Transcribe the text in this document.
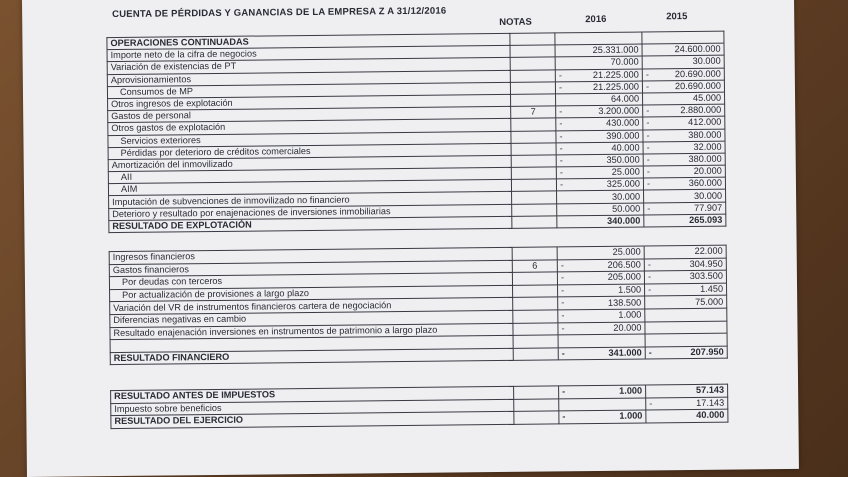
CUENTA DE PÉRDIDAS Y GANANCIAS DE LA EMPRESA Z A 31/12/2016
NOTAS	2016	2015
OPERACIONES CONTINUADAS		

Importe neto de la cifra de negocios		25.331.000	24.600.000
Variación de existencias de PT		70.000	30.000
Aprovisionamientos		- 21.225.000	- 20.690.000
Consumos de MP		- 21.225.000	- 20.690.000
Otros ingresos de explotación		64.000	45.000
Gastos de personal	7	- 3.200.000	- 2.880.000
Otros gastos de explotación		- 430.000	- 412.000
Servicios exteriores		- 390.000	- 380.000
Pérdidas por deterioro de créditos comerciales		- 40.000	- 32.000
Amortización del inmovilizado		- 350.000	- 380.000
AII		- 25.000	- 20.000
AIM		- 325.000	- 360.000
Imputación de subvenciones de inmovilizado no financiero		30.000	30.000
Deterioro y resultado por enajenaciones de inversiones inmobiliarias		50.000	- 77.907
RESULTADO DE EXPLOTACIÓN		340.000	265.093
Ingresos financieros		25.000	22.000
Gastos financieros	6	- 206.500	- 304.950
Por deudas con terceros		- 205.000	- 303.500
Por actualización de provisiones a largo plazo		- 1.500	- 1.450
Variación del VR de instrumentos financieros cartera de negociación		- 138.500	75.000
Diferencias negativas en cambio		- 1.000	

Resultado enajenación inversiones en instrumentos de patrimonio a largo plazo		- 20.000	

RESULTADO FINANCIERO		- 341.000	- 207.950
RESULTADO ANTES DE IMPUESTOS		- 1.000	57.143
Impuesto sobre beneficios			- 17.143
RESULTADO DEL EJERCICIO		- 1.000	40.000
